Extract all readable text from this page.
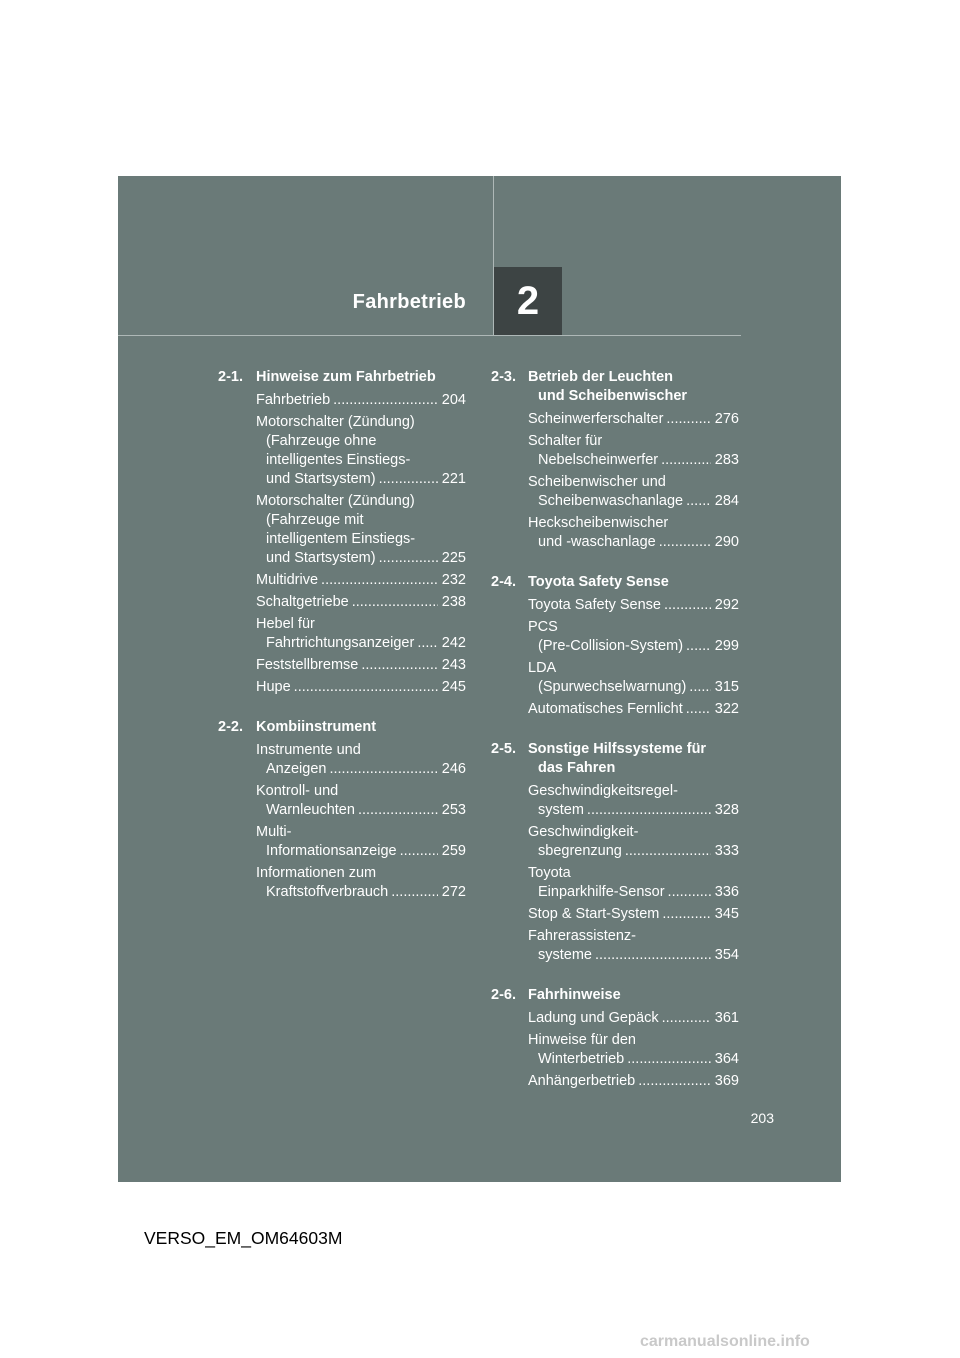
Fahrbetrieb	2
2-1. Hinweise zum Fahrbetrieb
Fahrbetrieb .....	204
Motorschalter (Zündung)
(Fahrzeuge ohne
intelligentes Einstiegs-
und Startsystem) .....	221
Motorschalter (Zündung)
(Fahrzeuge mit
intelligentem Einstiegs-
und Startsystem) .....	225
Multidrive .....	232
Schaltgetriebe .....	238
Hebel für
Fahrtrichtungsanzeiger ..... 242
Feststellbremse .....	243
Hupe .....	245
2-2. Kombiinstrument
Instrumente und
Anzeigen .....	246
Kontroll- und
Warnleuchten .....	253
Multi-
Informationsanzeige .....	259
Informationen zum
Kraftstoffverbrauch .....	272
2-3. Betrieb der Leuchten
und Scheibenwischer
Scheinwerferschalter .....	276
Schalter für
Nebelscheinwerfer .....	283
Scheibenwischer und
Scheibenwaschanlage ..... 284
Heckscheibenwischer
und -waschanlage .....	290
2-4. Toyota Safety Sense
Toyota Safety Sense .....	292
PCS
(Pre-Collision-System) ..... 299
LDA
(Spurwechselwarnung) ..... 315
Automatisches Fernlicht ..... 322
2-5. Sonstige Hilfssysteme für
das Fahren
Geschwindigkeitsregel-
system .....	328
Geschwindigkeit-
sbegrenzung .....	333
Toyota
Einparkhilfe-Sensor .....	336
Stop & Start-System .....	345
Fahrerassistenz-
systeme .....	354
2-6. Fahrhinweise
Ladung und Gepäck .....	361
Hinweise für den
Winterbetrieb .....	364
Anhängerbetrieb .....	369
203
VERSO_EM_OM64603M
carmanualsonline.info
